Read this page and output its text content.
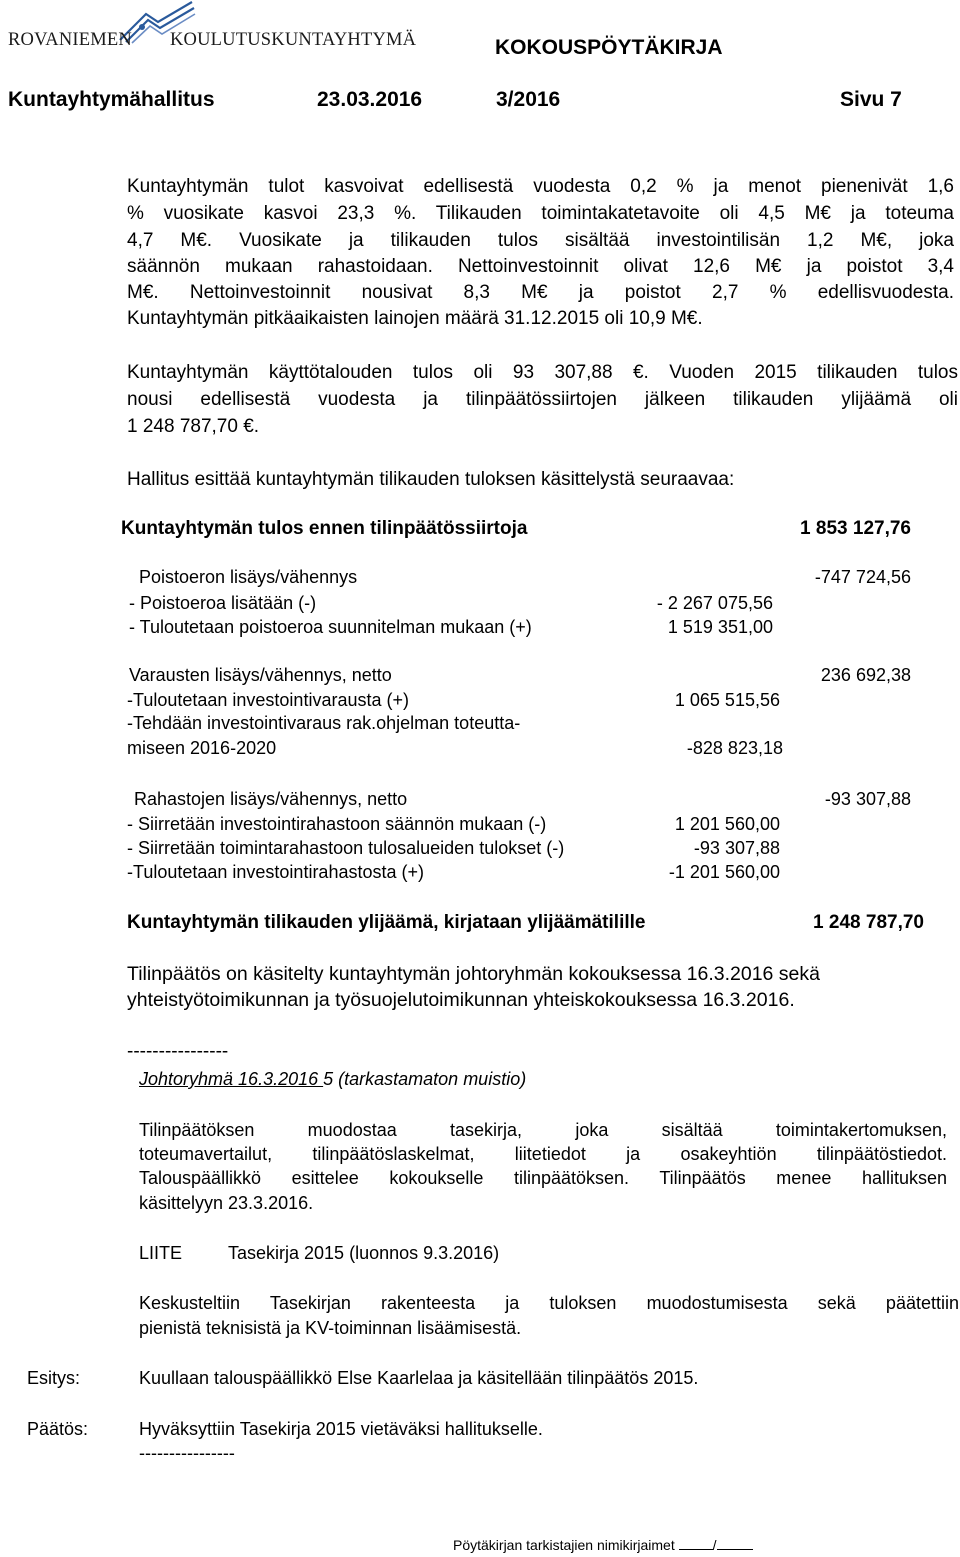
ROVANIEMEN KOULUTUSKUNTAYHTYMÄ	KOKOUSPÖYTÄKIRJA
Kuntayhtymähallitus	23.03.2016	3/2016	Sivu 7
Kuntayhtymän tulot kasvoivat edellisestä vuodesta 0,2 % ja menot pienenivät 1,6
% vuosikate kasvoi 23,3 %. Tilikauden toimintakatetavoite oli 4,5 M€ ja toteuma
4,7 M€. Vuosikate ja tilikauden tulos sisältää investointilisän 1,2 M€, joka
säännön mukaan rahastoidaan. Nettoinvestoinnit olivat 12,6 M€ ja poistot 3,4
M€. Nettoinvestoinnit nousivat 8,3 M€ ja poistot 2,7 % edellisvuodesta.
Kuntayhtymän pitkäaikaisten lainojen määrä 31.12.2015 oli 10,9 M€.
Kuntayhtymän käyttötalouden tulos oli 93 307,88 €. Vuoden 2015 tilikauden tulos
nousi edellisestä vuodesta ja tilinpäätössiirtojen jälkeen tilikauden ylijäämä oli
1 248 787,70 €.
Hallitus esittää kuntayhtymän tilikauden tuloksen käsittelystä seuraavaa:
Kuntayhtymän tulos ennen tilinpäätössiirtoja	1 853 127,76
Poistoeron lisäys/vähennys	-747 724,56
- Poistoeroa lisätään (-)	- 2 267 075,56
- Tuloutetaan poistoeroa suunnitelman mukaan (+)	1 519 351,00
Varausten lisäys/vähennys, netto	236 692,38
-Tuloutetaan investointivarausta (+)	1 065 515,56
-Tehdään investointivaraus rak.ohjelman toteutta-
miseen 2016-2020	-828 823,18
Rahastojen lisäys/vähennys, netto	-93 307,88
- Siirretään investointirahastoon säännön mukaan (-)	1 201 560,00
- Siirretään toimintarahastoon tulosalueiden tulokset (-)	-93 307,88
-Tuloutetaan investointirahastosta (+)	-1 201 560,00
Kuntayhtymän tilikauden ylijäämä, kirjataan ylijäämätilille	1 248 787,70
Tilinpäätös on käsitelty kuntayhtymän johtoryhmän kokouksessa 16.3.2016 sekä
yhteistyötoimikunnan ja työsuojelutoimikunnan yhteiskokouksessa 16.3.2016.
----------------
Johtoryhmä 16.3.2016 5 (tarkastamaton muistio)
Tilinpäätöksen muodostaa tasekirja, joka sisältää toimintakertomuksen,
toteumavertailut, tilinpäätöslaskelmat, liitetiedot ja osakeyhtiön tilinpäätöstiedot.
Talouspäällikkö esittelee kokoukselle tilinpäätöksen. Tilinpäätös menee hallituksen
käsittelyyn 23.3.2016.
LIITE	Tasekirja 2015 (luonnos 9.3.2016)
Keskusteltiin Tasekirjan rakenteesta ja tuloksen muodostumisesta sekä päätettiin
pienistä teknisistä ja KV-toiminnan lisäämisestä.
Esitys:	Kuullaan talouspäällikkö Else Kaarlelaa ja käsitellään tilinpäätös 2015.
Päätös:	Hyväksyttiin Tasekirja 2015 vietäväksi hallitukselle.
----------------
Pöytäkirjan tarkistajien nimikirjaimet	/
